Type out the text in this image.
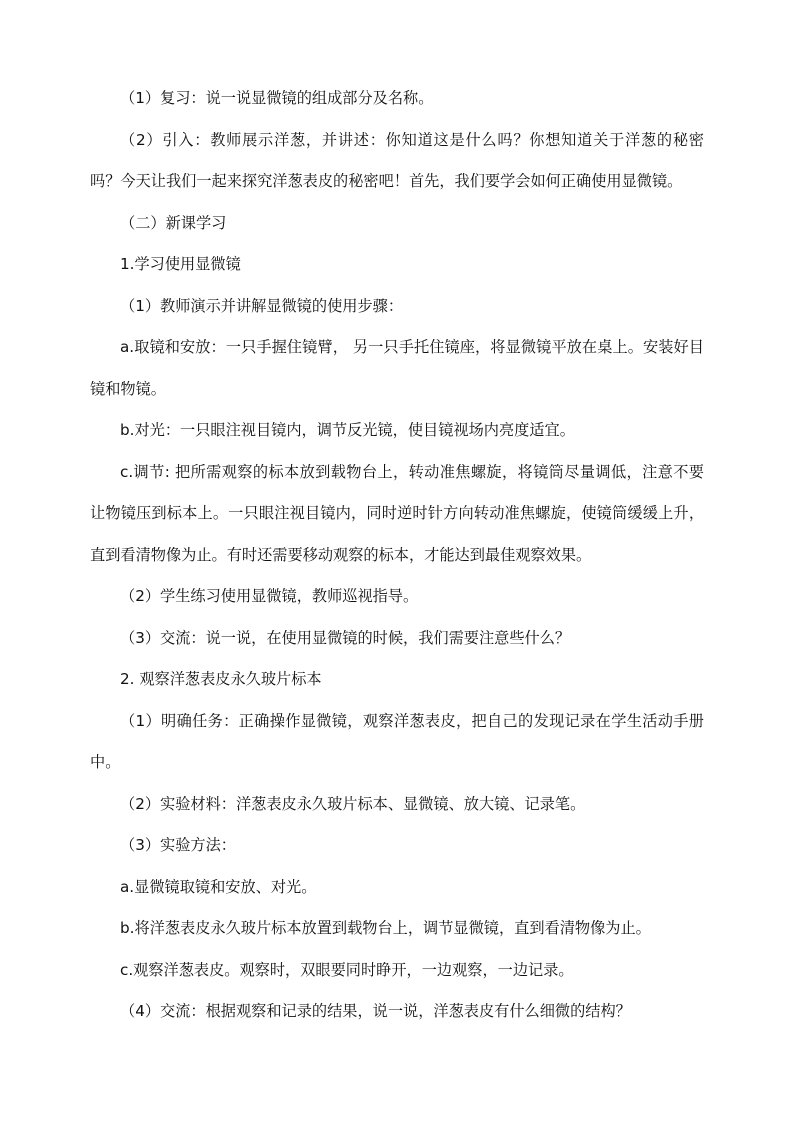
（1）复习：说一说显微镜的组成部分及名称。

（2）引入：教师展示洋葱，并讲述：你知道这是什么吗？你想知道关于洋葱的秘密吗？今天让我们一起来探究洋葱表皮的秘密吧！首先，我们要学会如何正确使用显微镜。

（二）新课学习

1.学习使用显微镜

（1）教师演示并讲解显微镜的使用步骤：

a.取镜和安放：一只手握住镜臂， 另一只手托住镜座，将显微镜平放在桌上。安装好目镜和物镜。

b.对光：一只眼注视目镜内，调节反光镜，使目镜视场内亮度适宜。

c.调节: 把所需观察的标本放到载物台上，转动准焦螺旋，将镜筒尽量调低，注意不要让物镜压到标本上。一只眼注视目镜内，同时逆时针方向转动准焦螺旋，使镜筒缓缓上升，直到看清物像为止。有时还需要移动观察的标本，才能达到最佳观察效果。

（2）学生练习使用显微镜，教师巡视指导。

（3）交流：说一说，在使用显微镜的时候，我们需要注意些什么？

2. 观察洋葱表皮永久玻片标本

（1）明确任务：正确操作显微镜，观察洋葱表皮，把自己的发现记录在学生活动手册中。

（2）实验材料：洋葱表皮永久玻片标本、显微镜、放大镜、记录笔。

（3）实验方法：

a.显微镜取镜和安放、对光。

b.将洋葱表皮永久玻片标本放置到载物台上，调节显微镜，直到看清物像为止。

c.观察洋葱表皮。观察时，双眼要同时睁开，一边观察，一边记录。

（4）交流：根据观察和记录的结果，说一说，洋葱表皮有什么细微的结构？
